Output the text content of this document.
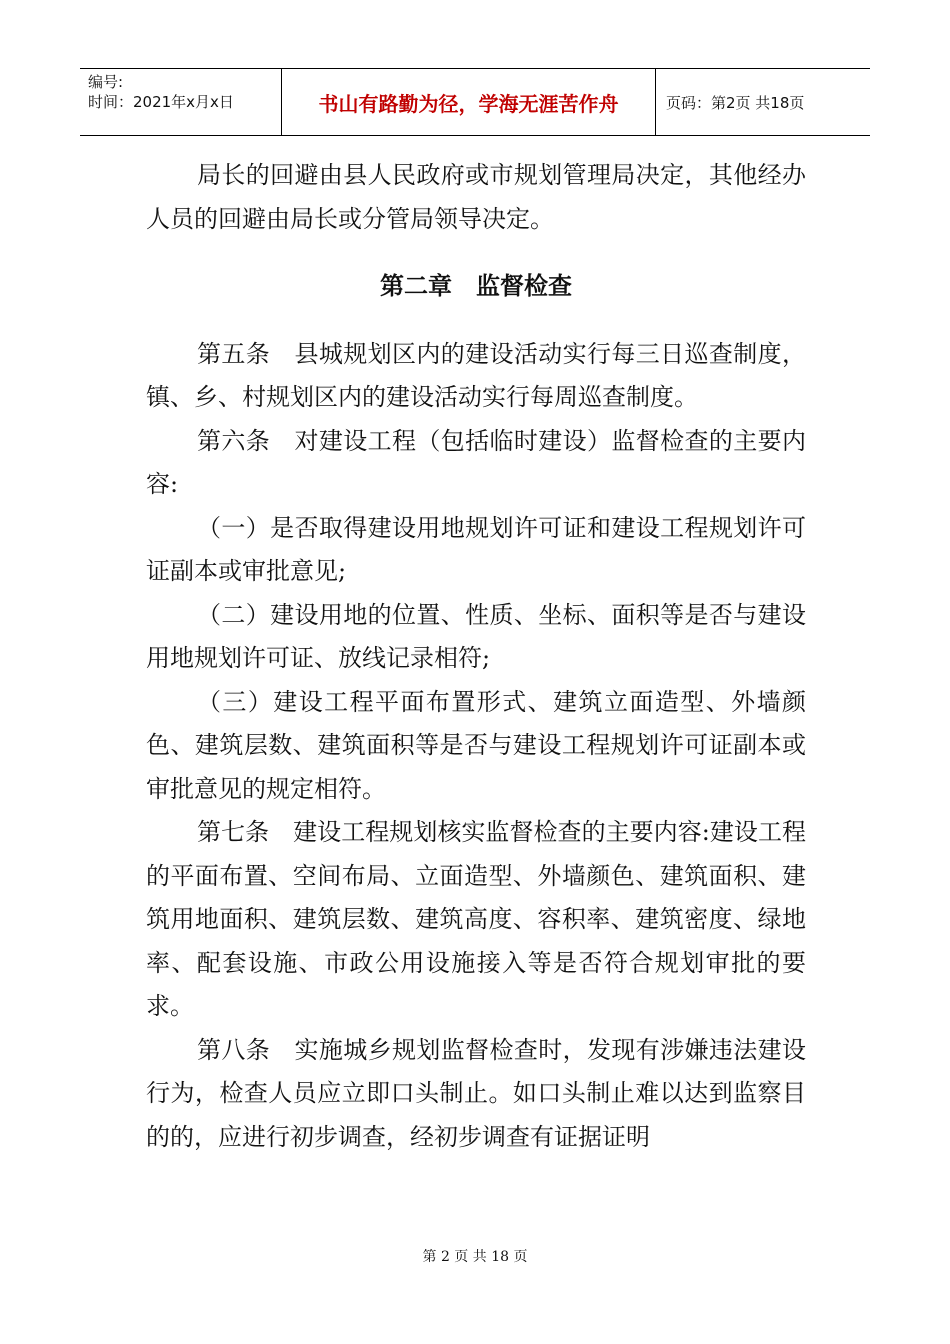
编号:
时间：2021年x月x日	书山有路勤为径，学海无涯苦作舟	页码：第2页 共18页

局长的回避由县人民政府或市规划管理局决定，其他经办人员的回避由局长或分管局领导决定。

第二章　监督检查

第五条　县城规划区内的建设活动实行每三日巡查制度，镇、乡、村规划区内的建设活动实行每周巡查制度。

第六条　对建设工程（包括临时建设）监督检查的主要内容:

（一）是否取得建设用地规划许可证和建设工程规划许可证副本或审批意见;

（二）建设用地的位置、性质、坐标、面积等是否与建设用地规划许可证、放线记录相符;

（三）建设工程平面布置形式、建筑立面造型、外墙颜色、建筑层数、建筑面积等是否与建设工程规划许可证副本或审批意见的规定相符。

第七条　建设工程规划核实监督检查的主要内容:建设工程的平面布置、空间布局、立面造型、外墙颜色、建筑面积、建筑用地面积、建筑层数、建筑高度、容积率、建筑密度、绿地率、配套设施、市政公用设施接入等是否符合规划审批的要求。

第八条　实施城乡规划监督检查时，发现有涉嫌违法建设行为，检查人员应立即口头制止。如口头制止难以达到监察目的的，应进行初步调查，经初步调查有证据证明

第 2 页 共 18 页
